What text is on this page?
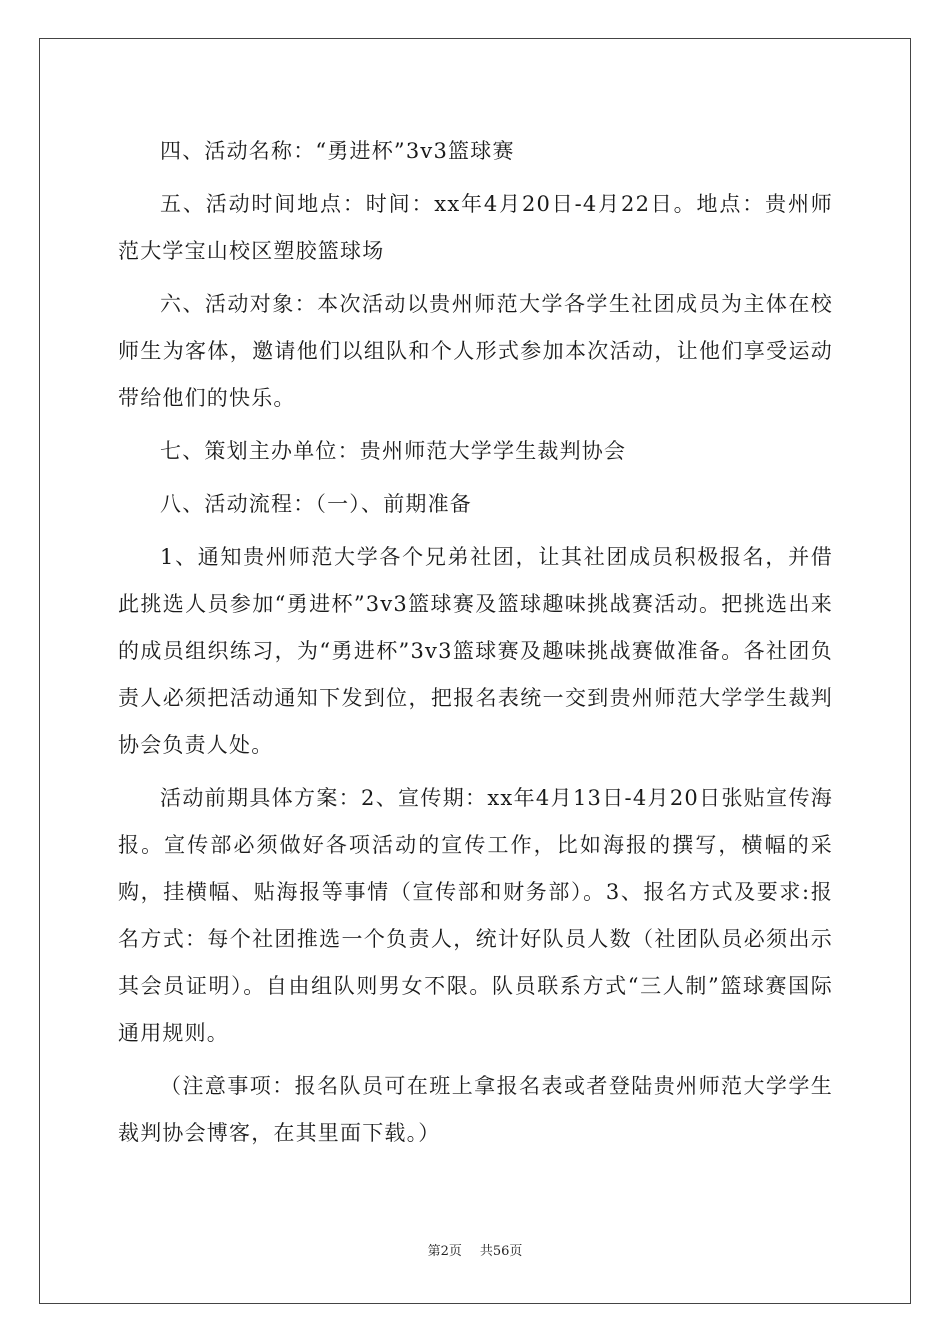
四、活动名称：“勇进杯”3v3篮球赛

五、活动时间地点：时间：xx年4月20日-4月22日。地点：贵州师范大学宝山校区塑胶篮球场

六、活动对象：本次活动以贵州师范大学各学生社团成员为主体在校师生为客体，邀请他们以组队和个人形式参加本次活动，让他们享受运动带给他们的快乐。

七、策划主办单位：贵州师范大学学生裁判协会

八、活动流程：（一）、前期准备

1、通知贵州师范大学各个兄弟社团，让其社团成员积极报名，并借此挑选人员参加“勇进杯”3v3篮球赛及篮球趣味挑战赛活动。把挑选出来的成员组织练习，为“勇进杯”3v3篮球赛及趣味挑战赛做准备。各社团负责人必须把活动通知下发到位，把报名表统一交到贵州师范大学学生裁判协会负责人处。

活动前期具体方案：2、宣传期：xx年4月13日-4月20日张贴宣传海报。宣传部必须做好各项活动的宣传工作，比如海报的撰写，横幅的采购，挂横幅、贴海报等事情（宣传部和财务部）。3、报名方式及要求:报名方式：每个社团推选一个负责人，统计好队员人数（社团队员必须出示其会员证明）。自由组队则男女不限。队员联系方式“三人制”篮球赛国际通用规则。

（注意事项：报名队员可在班上拿报名表或者登陆贵州师范大学学生裁判协会博客，在其里面下载。）

第2页 共56页
